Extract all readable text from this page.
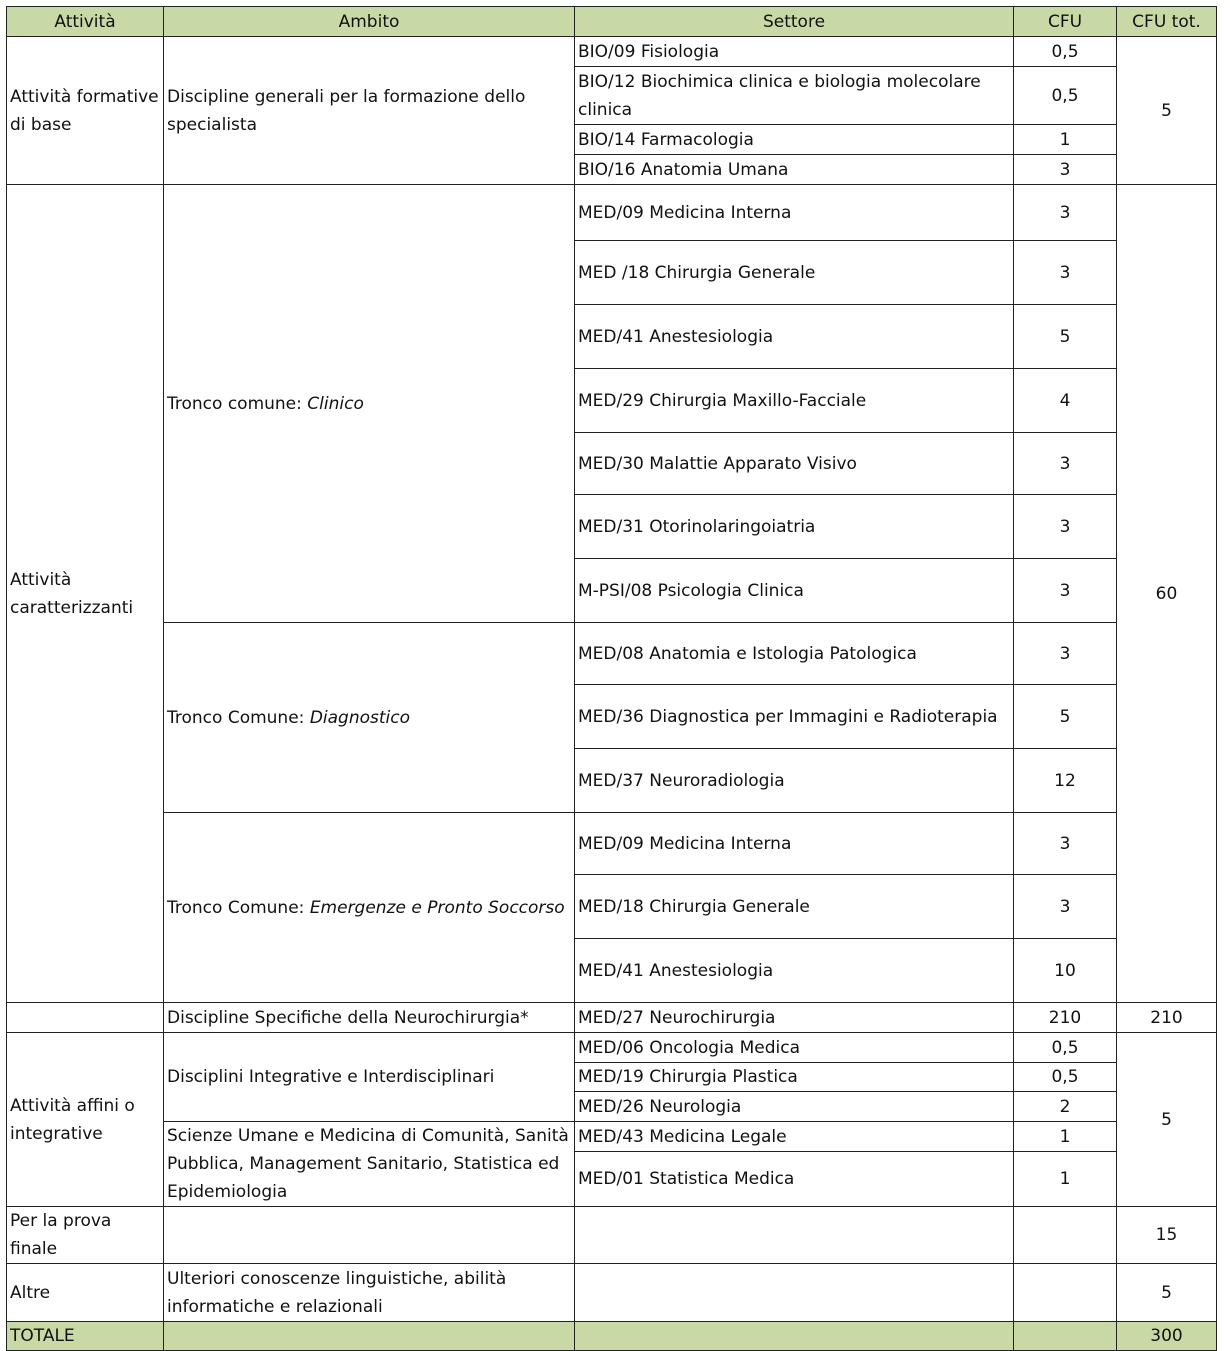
Attività	Ambito	Settore	CFU	CFU tot.
Attività formative di base	Discipline generali per la formazione dello specialista	BIO/09 Fisiologia	0,5	5
		BIO/12 Biochimica clinica e biologia molecolare clinica	0,5	
		BIO/14 Farmacologia	1	
		BIO/16 Anatomia Umana	3	
Attività caratterizzanti	Tronco comune: Clinico	MED/09 Medicina Interna	3	60
		MED /18 Chirurgia Generale	3	
		MED/41 Anestesiologia	5	
		MED/29 Chirurgia Maxillo-Facciale	4	
		MED/30 Malattie Apparato Visivo	3	
		MED/31 Otorinolaringoiatria	3	
		M-PSI/08 Psicologia Clinica	3	
	Tronco Comune: Diagnostico	MED/08 Anatomia e Istologia Patologica	3	
		MED/36 Diagnostica per Immagini e Radioterapia	5	
		MED/37 Neuroradiologia	12	
	Tronco Comune: Emergenze e Pronto Soccorso	MED/09 Medicina Interna	3	
		MED/18 Chirurgia Generale	3	
		MED/41 Anestesiologia	10	
	Discipline Specifiche della Neurochirurgia*	MED/27 Neurochirurgia	210	210
Attività affini o integrative	Disciplini Integrative e Interdisciplinari	MED/06 Oncologia Medica	0,5	5
		MED/19 Chirurgia Plastica	0,5	
		MED/26 Neurologia	2	
	Scienze Umane e Medicina di Comunità, Sanità Pubblica, Management Sanitario, Statistica ed Epidemiologia	MED/43 Medicina Legale	1	
		MED/01 Statistica Medica	1	
Per la prova finale				15
Altre	Ulteriori conoscenze linguistiche, abilità informatiche e relazionali			5
TOTALE				300
